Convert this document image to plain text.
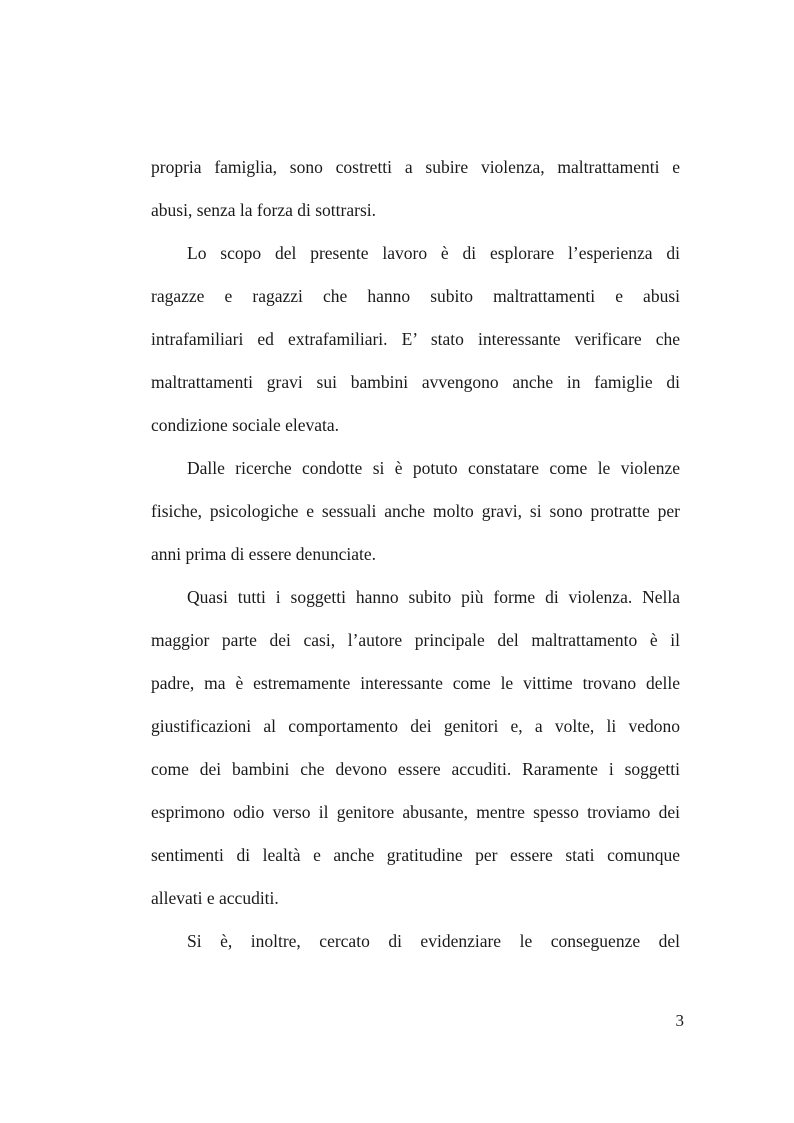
propria famiglia, sono costretti a subire violenza, maltrattamenti e
abusi, senza la forza di sottrarsi.
Lo scopo del presente lavoro è di esplorare l’esperienza di
ragazze e ragazzi che hanno subito maltrattamenti e abusi
intrafamiliari ed extrafamiliari. E’ stato interessante verificare che
maltrattamenti gravi sui bambini avvengono anche in famiglie di
condizione sociale elevata.
Dalle ricerche condotte si è potuto constatare come le violenze
fisiche, psicologiche e sessuali anche molto gravi, si sono protratte per
anni prima di essere denunciate.
Quasi tutti i soggetti hanno subito più forme di violenza. Nella
maggior parte dei casi, l’autore principale del maltrattamento è il
padre, ma è estremamente interessante come le vittime trovano delle
giustificazioni al comportamento dei genitori e, a volte, li vedono
come dei bambini che devono essere accuditi. Raramente i soggetti
esprimono odio verso il genitore abusante, mentre spesso troviamo dei
sentimenti di lealtà e anche gratitudine per essere stati comunque
allevati e accuditi.
Si è, inoltre, cercato di evidenziare le conseguenze del
3
